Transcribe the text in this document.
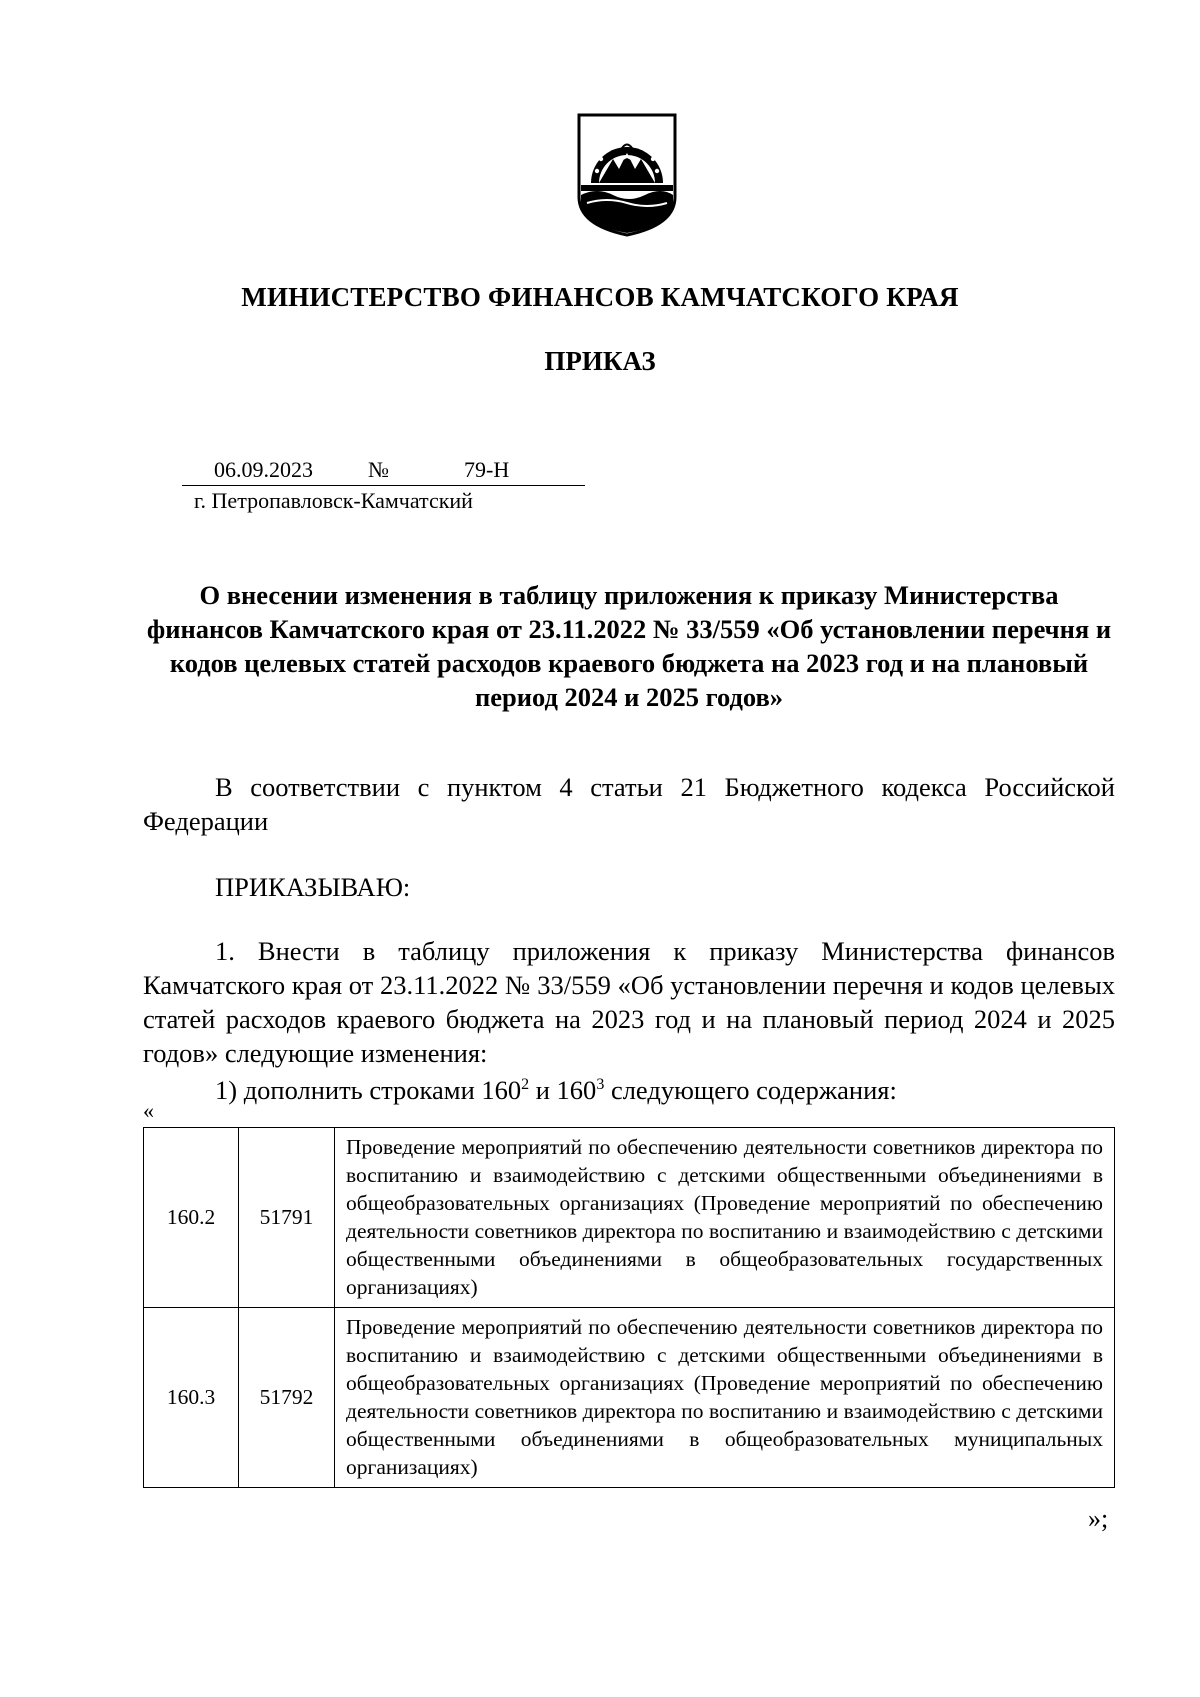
МИНИСТЕРСТВО ФИНАНСОВ КАМЧАТСКОГО КРАЯ
ПРИКАЗ
06.09.2023	№	79-Н
г. Петропавловск-Камчатский
О внесении изменения в таблицу приложения к приказу Министерства финансов Камчатского края от 23.11.2022 № 33/559 «Об установлении перечня и кодов целевых статей расходов краевого бюджета на 2023 год и на плановый период 2024 и 2025 годов»
В соответствии с пунктом 4 статьи 21 Бюджетного кодекса Российской Федерации
ПРИКАЗЫВАЮ:
1. Внести в таблицу приложения к приказу Министерства финансов Камчатского края от 23.11.2022 № 33/559 «Об установлении перечня и кодов целевых статей расходов краевого бюджета на 2023 год и на плановый период 2024 и 2025 годов» следующие изменения:
1) дополнить строками $160^2$ и $160^3$ следующего содержания:
«
160.2	51791	Проведение мероприятий по обеспечению деятельности советников директора по воспитанию и взаимодействию с детскими общественными объединениями в общеобразовательных организациях (Проведение мероприятий по обеспечению деятельности советников директора по воспитанию и взаимодействию с детскими общественными объединениями в общеобразовательных государственных организациях)
160.3	51792	Проведение мероприятий по обеспечению деятельности советников директора по воспитанию и взаимодействию с детскими общественными объединениями в общеобразовательных организациях (Проведение мероприятий по обеспечению деятельности советников директора по воспитанию и взаимодействию с детскими общественными объединениями в общеобразовательных муниципальных организациях)
»;
